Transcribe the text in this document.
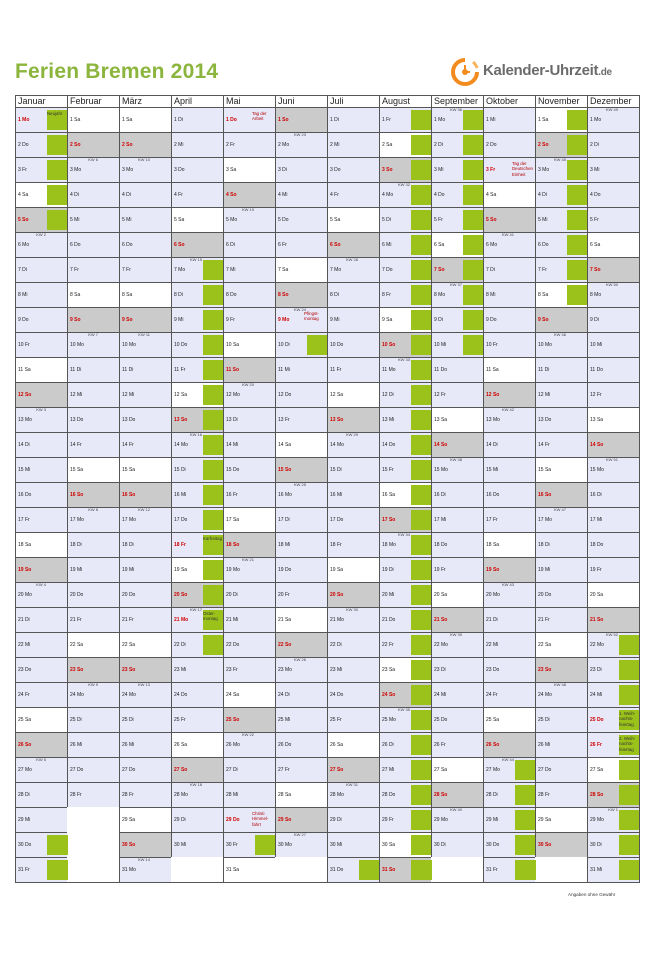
Ferien Bremen 2014	Kalender-Uhrzeit.de
Januar
1 Mo
Neujahr
2 Do
3 Fr
4 Sa
5 So
6 Mo
KW 2
7 Di
8 Mi
9 Do
10 Fr
11 Sa
12 So
13 Mo
KW 3
14 Di
15 Mi
16 Do
17 Fr
18 Sa
19 So
20 Mo
KW 4
21 Di
22 Mi
23 Do
24 Fr
25 Sa
26 So
27 Mo
KW 5
28 Di
29 Mi
30 Do
31 Fr
Februar
1 Sa
2 So
3 Mo
KW 6
4 Di
5 Mi
6 Do
7 Fr
8 Sa
9 So
10 Mo
KW 7
11 Di
12 Mi
13 Do
14 Fr
15 Sa
16 So
17 Mo
KW 8
18 Di
19 Mi
20 Do
21 Fr
22 Sa
23 So
24 Mo
KW 9
25 Di
26 Mi
27 Do
28 Fr
März
1 Sa
2 So
3 Mo
KW 10
4 Di
5 Mi
6 Do
7 Fr
8 Sa
9 So
10 Mo
KW 11
11 Di
12 Mi
13 Do
14 Fr
15 Sa
16 So
17 Mo
KW 12
18 Di
19 Mi
20 Do
21 Fr
22 Sa
23 So
24 Mo
KW 13
25 Di
26 Mi
27 Do
28 Fr
29 Sa
30 So
31 Mo
KW 14
April
1 Di
2 Mi
3 Do
4 Fr
5 Sa
6 So
7 Mo
KW 15
8 Di
9 Mi
10 Do
11 Fr
12 Sa
13 So
14 Mo
KW 16
15 Di
16 Mi
17 Do
18 Fr
Karfreitag
19 Sa
20 So
21 Mo
Oster-montag
KW 17
22 Di
23 Mi
24 Do
25 Fr
26 Sa
27 So
28 Mo
KW 18
29 Di
30 Mi
Mai
1 Do
Tag der Arbeit
2 Fr
3 Sa
4 So
5 Mo
KW 19
6 Di
7 Mi
8 Do
9 Fr
10 Sa
11 So
12 Mo
KW 20
13 Di
14 Mi
15 Do
16 Fr
17 Sa
18 So
19 Mo
KW 21
20 Di
21 Mi
22 Do
23 Fr
24 Sa
25 So
26 Mo
KW 22
27 Di
28 Mi
29 Do
Christi Himmel-fahrt
30 Fr
31 Sa
Juni
1 So
2 Mo
KW 23
3 Di
4 Mi
5 Do
6 Fr
7 Sa
8 So
9 Mo
Pfingst-montag
KW 24
10 Di
11 Mi
12 Do
13 Fr
14 Sa
15 So
16 Mo
KW 25
17 Di
18 Mi
19 Do
20 Fr
21 Sa
22 So
23 Mo
KW 26
24 Di
25 Mi
26 Do
27 Fr
28 Sa
29 So
30 Mo
KW 27
Juli
1 Di
2 Mi
3 Do
4 Fr
5 Sa
6 So
7 Mo
KW 28
8 Di
9 Mi
10 Do
11 Fr
12 Sa
13 So
14 Mo
KW 29
15 Di
16 Mi
17 Do
18 Fr
19 Sa
20 So
21 Mo
KW 30
22 Di
23 Mi
24 Do
25 Fr
26 Sa
27 So
28 Mo
KW 31
29 Di
30 Mi
31 Do
August
1 Fr
2 Sa
3 So
4 Mo
KW 32
5 Di
6 Mi
7 Do
8 Fr
9 Sa
10 So
11 Mo
KW 33
12 Di
13 Mi
14 Do
15 Fr
16 Sa
17 So
18 Mo
KW 34
19 Di
20 Mi
21 Do
22 Fr
23 Sa
24 So
25 Mo
KW 35
26 Di
27 Mi
28 Do
29 Fr
30 Sa
31 So
September
1 Mo
KW 36
2 Di
3 Mi
4 Do
5 Fr
6 Sa
7 So
8 Mo
KW 37
9 Di
10 Mi
11 Do
12 Fr
13 Sa
14 So
15 Mo
KW 38
16 Di
17 Mi
18 Do
19 Fr
20 Sa
21 So
22 Mo
KW 39
23 Di
24 Mi
25 Do
26 Fr
27 Sa
28 So
29 Mo
KW 40
30 Di
Oktober
1 Mi
2 Do
3 Fr
Tag der Deutschen Einheit
4 Sa
5 So
6 Mo
KW 41
7 Di
8 Mi
9 Do
10 Fr
11 Sa
12 So
13 Mo
KW 42
14 Di
15 Mi
16 Do
17 Fr
18 Sa
19 So
20 Mo
KW 43
21 Di
22 Mi
23 Do
24 Fr
25 Sa
26 So
27 Mo
KW 44
28 Di
29 Mi
30 Do
31 Fr
November
1 Sa
2 So
3 Mo
KW 45
4 Di
5 Mi
6 Do
7 Fr
8 Sa
9 So
10 Mo
KW 46
11 Di
12 Mi
13 Do
14 Fr
15 Sa
16 So
17 Mo
KW 47
18 Di
19 Mi
20 Do
21 Fr
22 Sa
23 So
24 Mo
KW 48
25 Di
26 Mi
27 Do
28 Fr
29 Sa
30 So
Dezember
1 Mo
KW 49
2 Di
3 Mi
4 Do
5 Fr
6 Sa
7 So
8 Mo
KW 50
9 Di
10 Mi
11 Do
12 Fr
13 Sa
14 So
15 Mo
KW 51
16 Di
17 Mi
18 Do
19 Fr
20 Sa
21 So
22 Mo
KW 52
23 Di
24 Mi
25 Do
1. Weih-nachts-feiertag
26 Fr
2. Weih-nachts-feiertag
27 Sa
28 So
29 Mo
KW 1
30 Di
31 Mi
Angaben ohne Gewähr
